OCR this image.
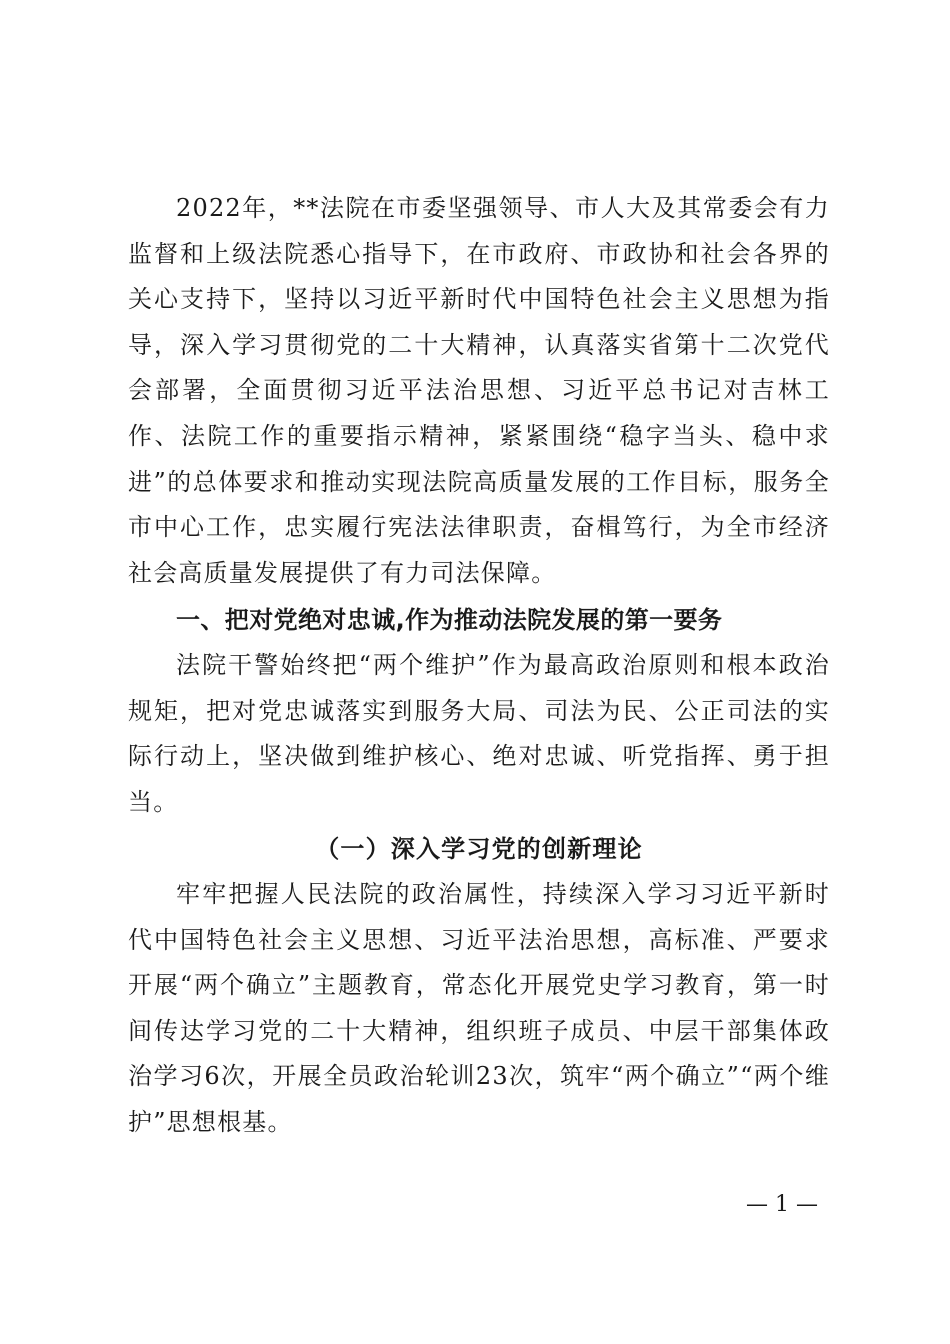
2022年，**法院在市委坚强领导、市人大及其常委会有力监督和上级法院悉心指导下，在市政府、市政协和社会各界的关心支持下，坚持以习近平新时代中国特色社会主义思想为指导，深入学习贯彻党的二十大精神，认真落实省第十二次党代会部署，全面贯彻习近平法治思想、习近平总书记对吉林工作、法院工作的重要指示精神，紧紧围绕“稳字当头、稳中求进”的总体要求和推动实现法院高质量发展的工作目标，服务全市中心工作，忠实履行宪法法律职责，奋楫笃行，为全市经济社会高质量发展提供了有力司法保障。

一、把对党绝对忠诚,作为推动法院发展的第一要务

法院干警始终把“两个维护”作为最高政治原则和根本政治规矩，把对党忠诚落实到服务大局、司法为民、公正司法的实际行动上，坚决做到维护核心、绝对忠诚、听党指挥、勇于担当。

（一）深入学习党的创新理论

牢牢把握人民法院的政治属性，持续深入学习习近平新时代中国特色社会主义思想、习近平法治思想，高标准、严要求开展“两个确立”主题教育，常态化开展党史学习教育，第一时间传达学习党的二十大精神，组织班子成员、中层干部集体政治学习6次，开展全员政治轮训23次，筑牢“两个确立”“两个维护”思想根基。

— 1 —
